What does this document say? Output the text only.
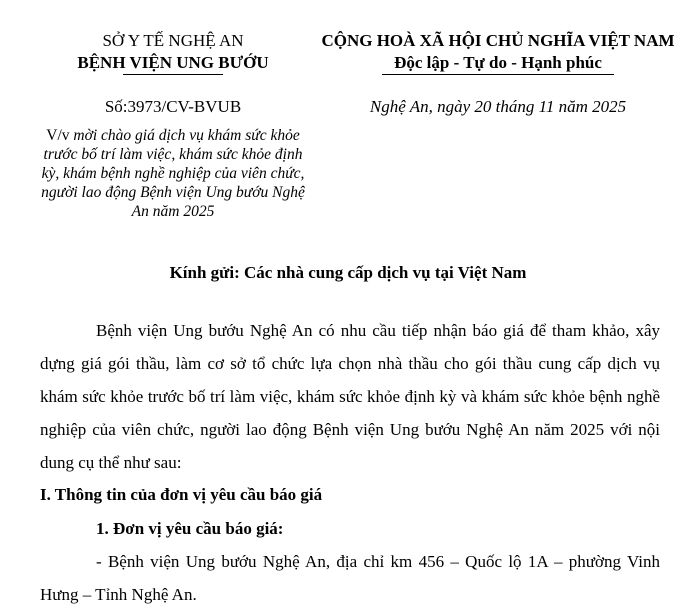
SỞ Y TẾ NGHỆ AN
BỆNH VIỆN UNG BƯỚU
CỘNG HOÀ XÃ HỘI CHỦ NGHĨA VIỆT NAM
Độc lập - Tự do - Hạnh phúc
Số:3973/CV-BVUB	Nghệ An, ngày 20 tháng 11 năm 2025
V/v mời chào giá dịch vụ khám sức khỏe trước bố trí làm việc, khám sức khỏe định kỳ, khám bệnh nghề nghiệp của viên chức, người lao động Bệnh viện Ung bướu Nghệ An năm 2025
Kính gửi: Các nhà cung cấp dịch vụ tại Việt Nam

Bệnh viện Ung bướu Nghệ An có nhu cầu tiếp nhận báo giá để tham khảo, xây dựng giá gói thầu, làm cơ sở tổ chức lựa chọn nhà thầu cho gói thầu cung cấp dịch vụ khám sức khỏe trước bố trí làm việc, khám sức khỏe định kỳ và khám sức khỏe bệnh nghề nghiệp của viên chức, người lao động Bệnh viện Ung bướu Nghệ An năm 2025 với nội dung cụ thể như sau:

I. Thông tin của đơn vị yêu cầu báo giá
1. Đơn vị yêu cầu báo giá:

- Bệnh viện Ung bướu Nghệ An, địa chỉ km 456 – Quốc lộ 1A – phường Vinh Hưng – Tỉnh Nghệ An.
